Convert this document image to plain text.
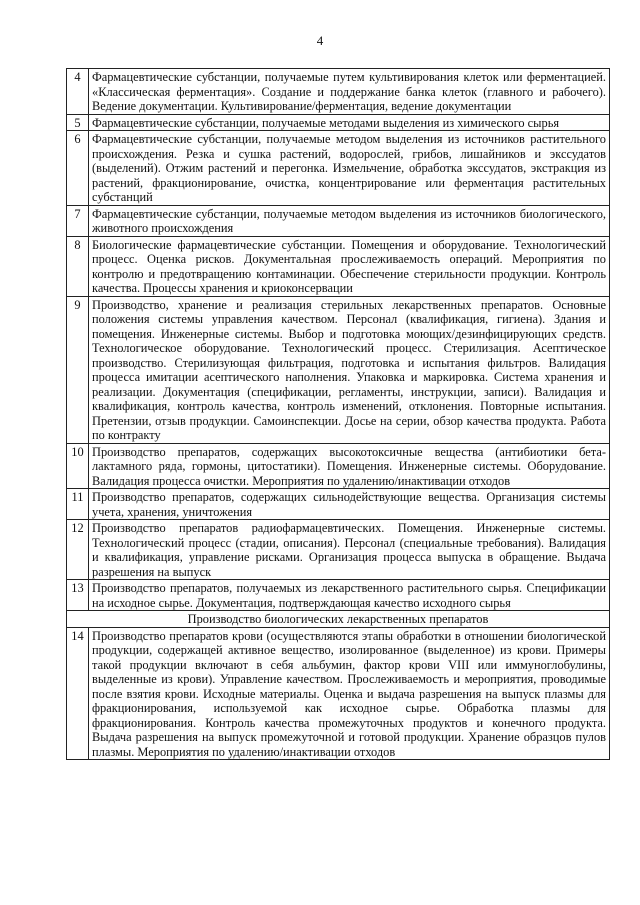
4
4	Фармацевтические субстанции, получаемые путем культивирования клеток или ферментацией. «Классическая ферментация». Создание и поддержание банка клеток (главного и рабочего). Ведение документации. Культивирование/ферментация, ведение документации
5	Фармацевтические субстанции, получаемые методами выделения из химического сырья
6	Фармацевтические субстанции, получаемые методом выделения из источников растительного происхождения. Резка и сушка растений, водорослей, грибов, лишайников и экссудатов (выделений). Отжим растений и перегонка. Измельчение, обработка экссудатов, экстракция из растений, фракционирование, очистка, концентрирование или ферментация растительных субстанций
7	Фармацевтические субстанции, получаемые методом выделения из источников биологического, животного происхождения
8	Биологические фармацевтические субстанции. Помещения и оборудование. Технологический процесс. Оценка рисков. Документальная прослеживаемость операций. Мероприятия по контролю и предотвращению контаминации. Обеспечение стерильности продукции. Контроль качества. Процессы хранения и криоконсервации
9	Производство, хранение и реализация стерильных лекарственных препаратов. Основные положения системы управления качеством. Персонал (квалификация, гигиена). Здания и помещения. Инженерные системы. Выбор и подготовка моющих/дезинфицирующих средств. Технологическое оборудование. Технологический процесс. Стерилизация. Асептическое производство. Стерилизующая фильтрация, подготовка и испытания фильтров. Валидация процесса имитации асептического наполнения. Упаковка и маркировка. Система хранения и реализации. Документация (спецификации, регламенты, инструкции, записи). Валидация и квалификация, контроль качества, контроль изменений, отклонения. Повторные испытания. Претензии, отзыв продукции. Самоинспекции. Досье на серии, обзор качества продукта. Работа по контракту
10	Производство препаратов, содержащих высокотоксичные вещества (антибиотики бета-лактамного ряда, гормоны, цитостатики). Помещения. Инженерные системы. Оборудование. Валидация процесса очистки. Мероприятия по удалению/инактивации отходов
11	Производство препаратов, содержащих сильнодействующие вещества. Организация системы учета, хранения, уничтожения
12	Производство препаратов радиофармацевтических. Помещения. Инженерные системы. Технологический процесс (стадии, описания). Персонал (специальные требования). Валидация и квалификация, управление рисками. Организация процесса выпуска в обращение. Выдача разрешения на выпуск
13	Производство препаратов, получаемых из лекарственного растительного сырья. Спецификации на исходное сырье. Документация, подтверждающая качество исходного сырья
Производство биологических лекарственных препаратов	
14	Производство препаратов крови (осуществляются этапы обработки в отношении биологической продукции, содержащей активное вещество, изолированное (выделенное) из крови. Примеры такой продукции включают в себя альбумин, фактор крови VIII или иммуноглобулины, выделенные из крови). Управление качеством. Прослеживаемость и мероприятия, проводимые после взятия крови. Исходные материалы. Оценка и выдача разрешения на выпуск плазмы для фракционирования, используемой как исходное сырье. Обработка плазмы для фракционирования. Контроль качества промежуточных продуктов и конечного продукта. Выдача разрешения на выпуск промежуточной и готовой продукции. Хранение образцов пулов плазмы. Мероприятия по удалению/инактивации отходов
